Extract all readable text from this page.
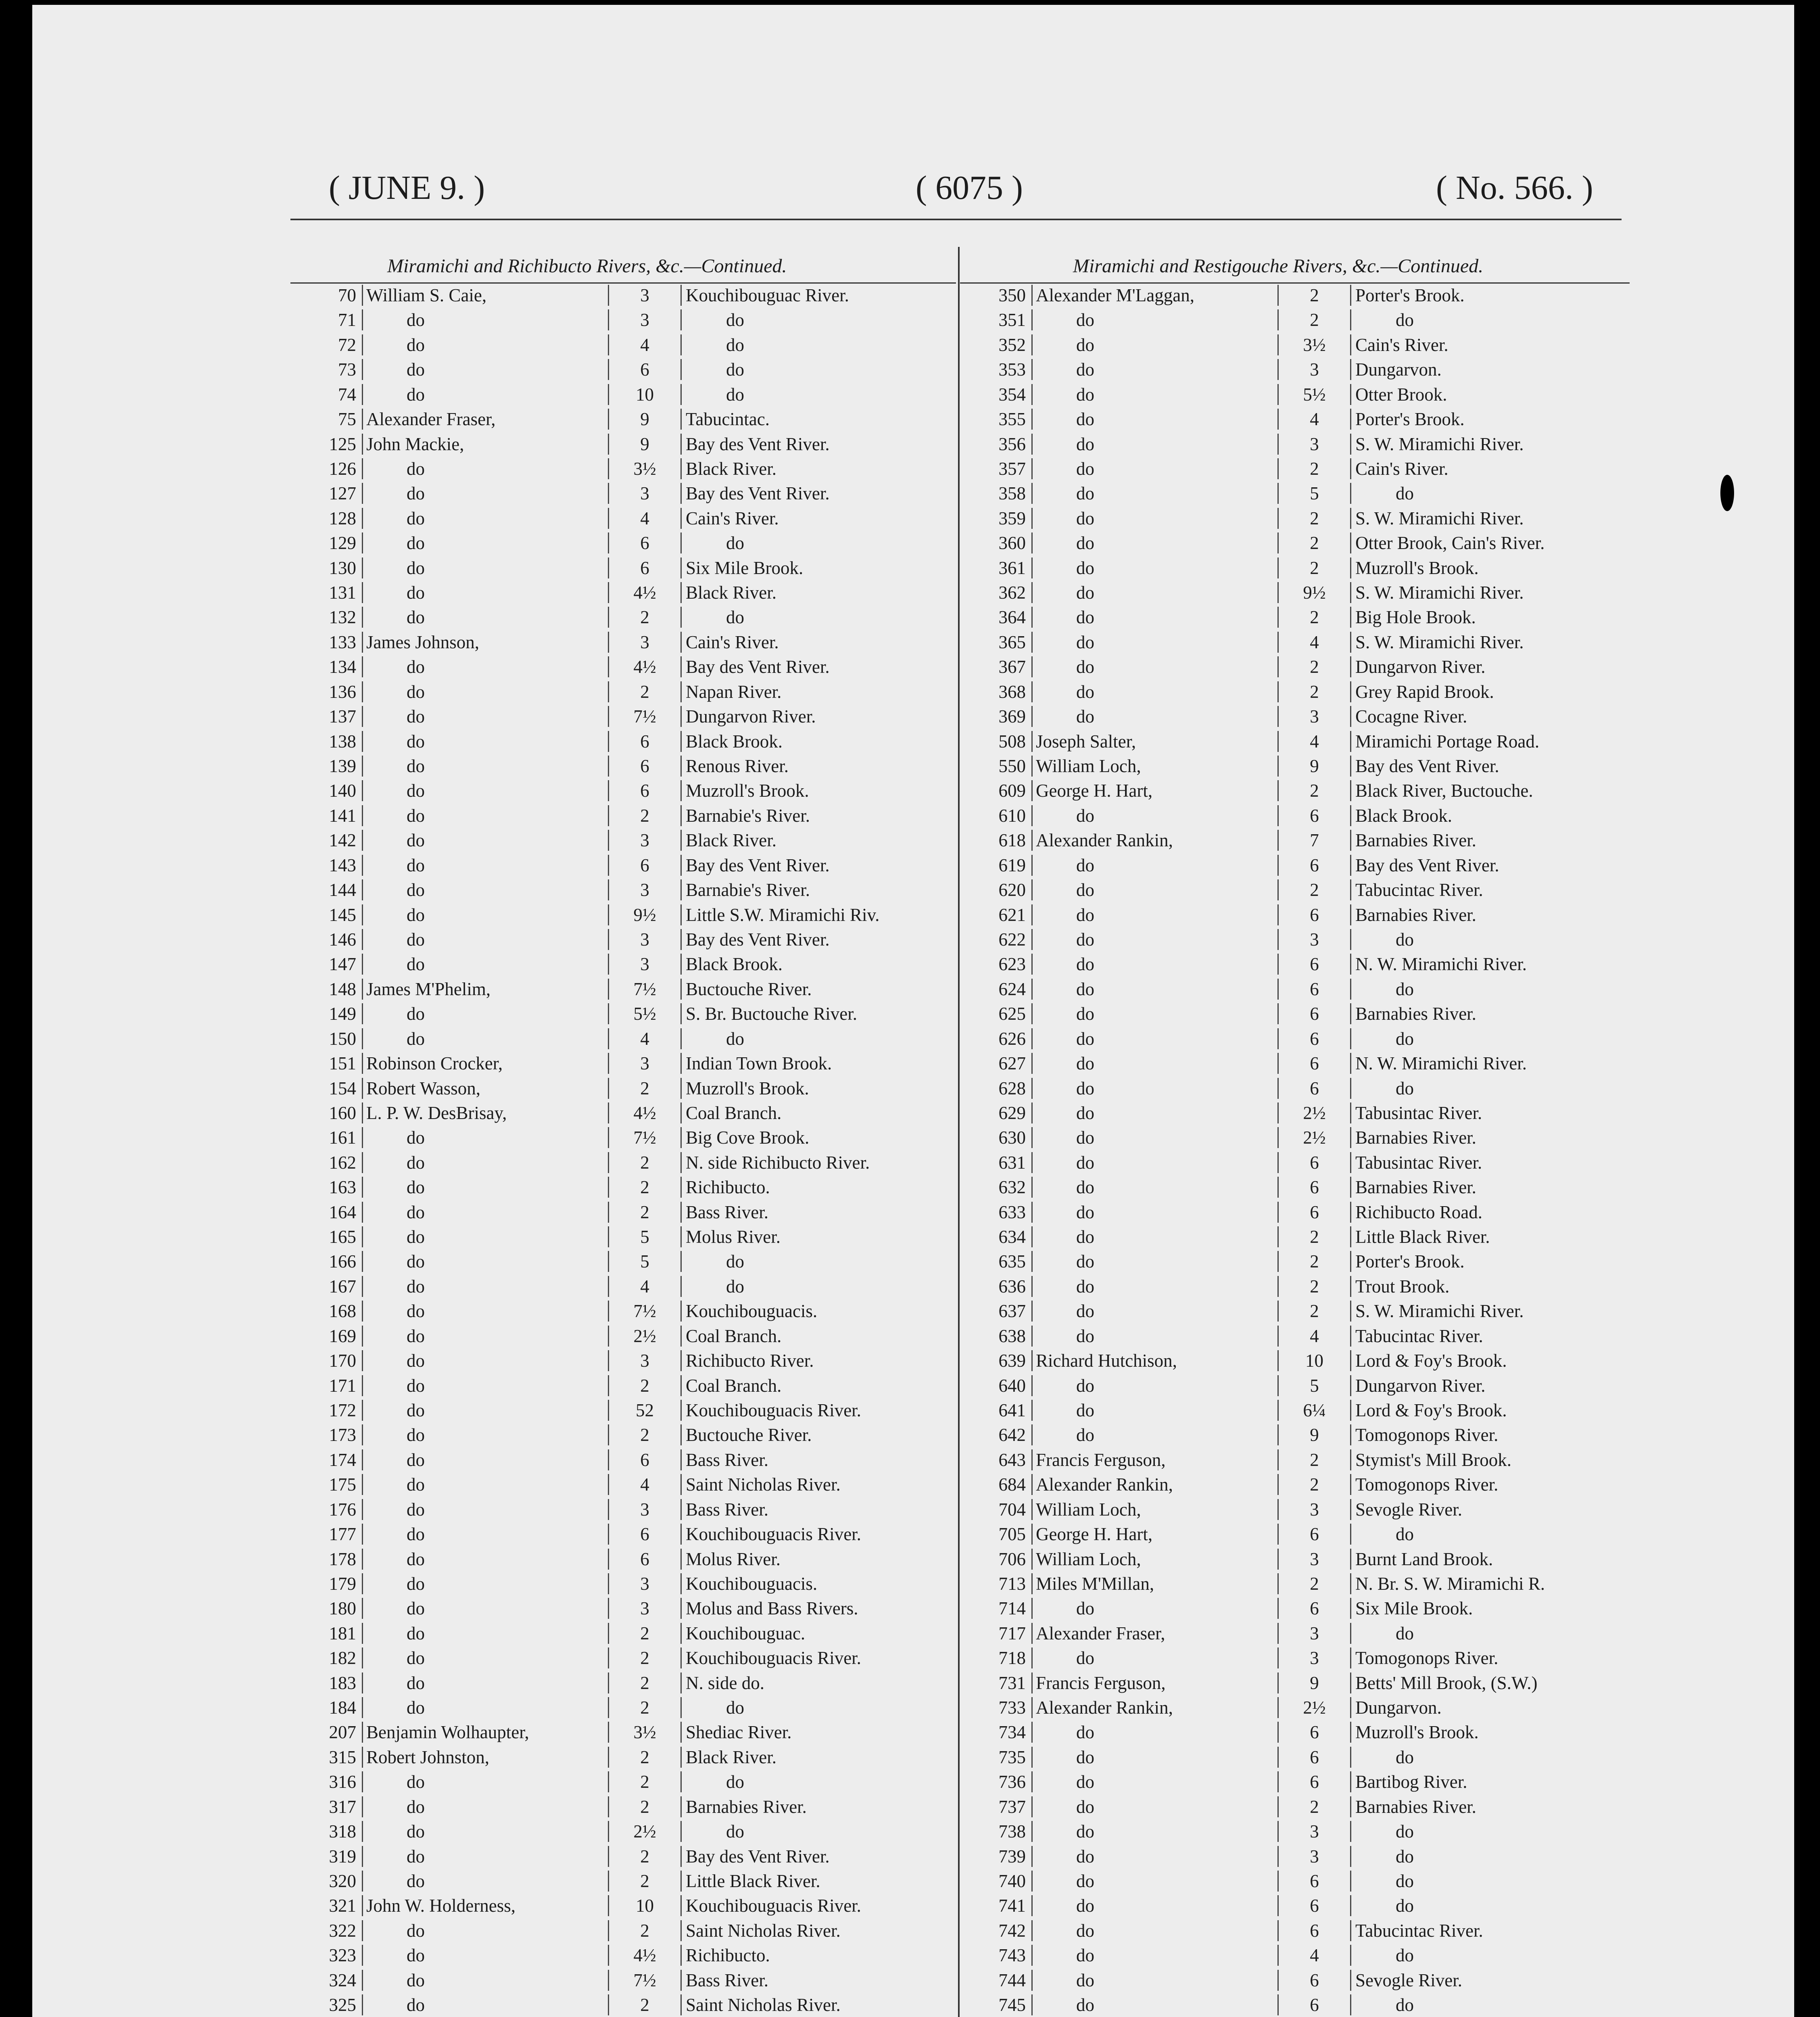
( JUNE 9. )	( 6075 )	( No. 566. )
Miramichi and Richibucto Rivers, &c.—Continued.	Miramichi and Restigouche Rivers, &c.—Continued.
70 William S. Caie,	3	Kouchibouguac River.
71	do	3	do
72	do	4	do
73	do	6	do
74	do	10	do
75 Alexander Fraser,	9	Tabucintac.
125 John Mackie,	9	Bay des Vent River.
126	do	3½	Black River.
127	do	3	Bay des Vent River.
128	do	4	Cain's River.
129	do	6	do
130	do	6	Six Mile Brook.
131	do	4½	Black River.
132	do	2	do
133 James Johnson,	3	Cain's River.
134	do	4½	Bay des Vent River.
136	do	2	Napan River.
137	do	7½	Dungarvon River.
138	do	6	Black Brook.
139	do	6	Renous River.
140	do	6	Muzroll's Brook.
141	do	2	Barnabie's River.
142	do	3	Black River.
143	do	6	Bay des Vent River.
144	do	3	Barnabie's River.
145	do	9½	Little S.W. Miramichi Riv.
146	do	3	Bay des Vent River.
147	do	3	Black Brook.
148 James M'Phelim,	7½	Buctouche River.
149	do	5½	S. Br. Buctouche River.
150	do	4	do
151 Robinson Crocker,	3	Indian Town Brook.
154 Robert Wasson,	2	Muzroll's Brook.
160 L. P. W. DesBrisay,	4½	Coal Branch.
161	do	7½	Big Cove Brook.
162	do	2	N. side Richibucto River.
163	do	2	Richibucto.
164	do	2	Bass River.
165	do	5	Molus River.
166	do	5	do
167	do	4	do
168	do	7½	Kouchibouguacis.
169	do	2½	Coal Branch.
170	do	3	Richibucto River.
171	do	2	Coal Branch.
172	do	52	Kouchibouguacis River.
173	do	2	Buctouche River.
174	do	6	Bass River.
175	do	4	Saint Nicholas River.
176	do	3	Bass River.
177	do	6	Kouchibouguacis River.
178	do	6	Molus River.
179	do	3	Kouchibouguacis.
180	do	3	Molus and Bass Rivers.
181	do	2	Kouchibouguac.
182	do	2	Kouchibouguacis River.
183	do	2	N. side do.
184	do	2	do
207 Benjamin Wolhaupter,	3½	Shediac River.
315 Robert Johnston,	2	Black River.
316	do	2	do
317	do	2	Barnabies River.
318	do	2½	do
319	do	2	Bay des Vent River.
320	do	2	Little Black River.
321 John W. Holderness,	10	Kouchibouguacis River.
322	do	2	Saint Nicholas River.
323	do	4½	Richibucto.
324	do	7½	Bass River.
325	do	2	Saint Nicholas River.
350 Alexander M'Laggan,	2	Porter's Brook.
351	do	2	do
352	do	3½	Cain's River.
353	do	3	Dungarvon.
354	do	5½	Otter Brook.
355	do	4	Porter's Brook.
356	do	3	S. W. Miramichi River.
357	do	2	Cain's River.
358	do	5	do
359	do	2	S. W. Miramichi River.
360	do	2	Otter Brook, Cain's River.
361	do	2	Muzroll's Brook.
362	do	9½	S. W. Miramichi River.
364	do	2	Big Hole Brook.
365	do	4	S. W. Miramichi River.
367	do	2	Dungarvon River.
368	do	2	Grey Rapid Brook.
369	do	3	Cocagne River.
508 Joseph Salter,	4	Miramichi Portage Road.
550 William Loch,	9	Bay des Vent River.
609 George H. Hart,	2	Black River, Buctouche.
610	do	6	Black Brook.
618 Alexander Rankin,	7	Barnabies River.
619	do	6	Bay des Vent River.
620	do	2	Tabucintac River.
621	do	6	Barnabies River.
622	do	3	do
623	do	6	N. W. Miramichi River.
624	do	6	do
625	do	6	Barnabies River.
626	do	6	do
627	do	6	N. W. Miramichi River.
628	do	6	do
629	do	2½	Tabusintac River.
630	do	2½	Barnabies River.
631	do	6	Tabusintac River.
632	do	6	Barnabies River.
633	do	6	Richibucto Road.
634	do	2	Little Black River.
635	do	2	Porter's Brook.
636	do	2	Trout Brook.
637	do	2	S. W. Miramichi River.
638	do	4	Tabucintac River.
639 Richard Hutchison,	10	Lord & Foy's Brook.
640	do	5	Dungarvon River.
641	do	6¼	Lord & Foy's Brook.
642	do	9	Tomogonops River.
643 Francis Ferguson,	2	Stymist's Mill Brook.
684 Alexander Rankin,	2	Tomogonops River.
704 William Loch,	3	Sevogle River.
705 George H. Hart,	6	do
706 William Loch,	3	Burnt Land Brook.
713 Miles M'Millan,	2	N. Br. S. W. Miramichi R.
714	do	6	Six Mile Brook.
717 Alexander Fraser,	3	do
718	do	3	Tomogonops River.
731 Francis Ferguson,	9	Betts' Mill Brook, (S.W.)
733 Alexander Rankin,	2½	Dungarvon.
734	do	6	Muzroll's Brook.
735	do	6	do
736	do	6	Bartibog River.
737	do	2	Barnabies River.
738	do	3	do
739	do	3	do
740	do	6	do
741	do	6	do
742	do	6	Tabucintac River.
743	do	4	do
744	do	6	Sevogle River.
745	do	6	do
